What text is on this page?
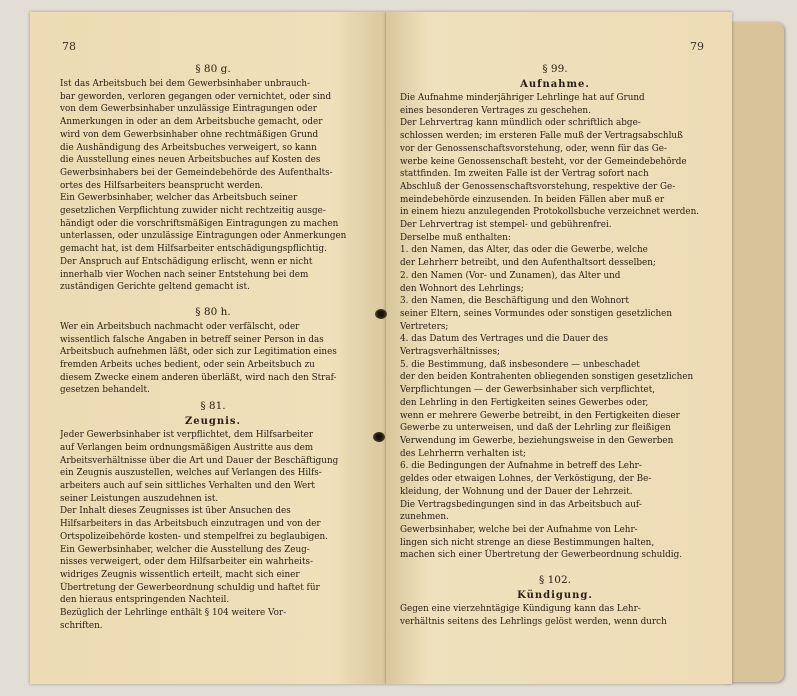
78
§ 80 g.
Ist das Arbeitsbuch bei dem Gewerbsinhaber unbrauch-
bar geworden, verloren gegangen oder vernichtet, oder sind
von dem Gewerbsinhaber unzulässige Eintragungen oder
Anmerkungen in oder an dem Arbeitsbuche gemacht, oder
wird von dem Gewerbsinhaber ohne rechtmäßigen Grund
die Aushändigung des Arbeitsbuches verweigert, so kann
die Ausstellung eines neuen Arbeitsbuches auf Kosten des
Gewerbsinhabers bei der Gemeindebehörde des Aufenthalts-
ortes des Hilfsarbeiters beansprucht werden.
Ein Gewerbsinhaber, welcher das Arbeitsbuch seiner
gesetzlichen Verpflichtung zuwider nicht rechtzeitig ausge-
händigt oder die vorschriftsmäßigen Eintragungen zu machen
unterlassen, oder unzulässige Eintragungen oder Anmerkungen
gemacht hat, ist dem Hilfsarbeiter entschädigungspflichtig.
Der Anspruch auf Entschädigung erlischt, wenn er nicht
innerhalb vier Wochen nach seiner Entstehung bei dem
zuständigen Gerichte geltend gemacht ist.
§ 80 h.
Wer ein Arbeitsbuch nachmacht oder verfälscht, oder
wissentlich falsche Angaben in betreff seiner Person in das
Arbeitsbuch aufnehmen läßt, oder sich zur Legitimation eines
fremden Arbeits uches bedient, oder sein Arbeitsbuch zu
diesem Zwecke einem anderen überläßt, wird nach den Straf-
gesetzen behandelt.
§ 81.
Zeugnis.
Jeder Gewerbsinhaber ist verpflichtet, dem Hilfsarbeiter
auf Verlangen beim ordnungsmäßigen Austritte aus dem
Arbeitsverhältnisse über die Art und Dauer der Beschäftigung
ein Zeugnis auszustellen, welches auf Verlangen des Hilfs-
arbeiters auch auf sein sittliches Verhalten und den Wert
seiner Leistungen auszudehnen ist.
Der Inhalt dieses Zeugnisses ist über Ansuchen des
Hilfsarbeiters in das Arbeitsbuch einzutragen und von der
Ortspolizeibehörde kosten- und stempelfrei zu beglaubigen.
Ein Gewerbsinhaber, welcher die Ausstellung des Zeug-
nisses verweigert, oder dem Hilfsarbeiter ein wahrheits-
widriges Zeugnis wissentlich erteilt, macht sich einer
Übertretung der Gewerbeordnung schuldig und haftet für
den hieraus entspringenden Nachteil.
Bezüglich der Lehrlinge enthält § 104 weitere Vor-
schriften.
79
§ 99.
Aufnahme.
Die Aufnahme minderjähriger Lehrlinge hat auf Grund
eines besonderen Vertrages zu geschehen.
Der Lehrvertrag kann mündlich oder schriftlich abge-
schlossen werden; im ersteren Falle muß der Vertragsabschluß
vor der Genossenschaftsvorstehung, oder, wenn für das Ge-
werbe keine Genossenschaft besteht, vor der Gemeindebehörde
stattfinden. Im zweiten Falle ist der Vertrag sofort nach
Abschluß der Genossenschaftsvorstehung, respektive der Ge-
meindebehörde einzusenden. In beiden Fällen aber muß er
in einem hiezu anzulegenden Protokollsbuche verzeichnet werden.
Der Lehrvertrag ist stempel- und gebührenfrei.
Derselbe muß enthalten:
1. den Namen, das Alter, das oder die Gewerbe, welche
der Lehrherr betreibt, und den Aufenthaltsort desselben;
2. den Namen (Vor- und Zunamen), das Alter und
den Wohnort des Lehrlings;
3. den Namen, die Beschäftigung und den Wohnort
seiner Eltern, seines Vormundes oder sonstigen gesetzlichen
Vertreters;
4. das Datum des Vertrages und die Dauer des
Vertragsverhältnisses;
5. die Bestimmung, daß insbesondere — unbeschadet
der den beiden Kontrahenten obliegenden sonstigen gesetzlichen
Verpflichtungen — der Gewerbsinhaber sich verpflichtet,
den Lehrling in den Fertigkeiten seines Gewerbes oder,
wenn er mehrere Gewerbe betreibt, in den Fertigkeiten dieser
Gewerbe zu unterweisen, und daß der Lehrling zur fleißigen
Verwendung im Gewerbe, beziehungsweise in den Gewerben
des Lehrherrn verhalten ist;
6. die Bedingungen der Aufnahme in betreff des Lehr-
geldes oder etwaigen Lohnes, der Verköstigung, der Be-
kleidung, der Wohnung und der Dauer der Lehrzeit.
Die Vertragsbedingungen sind in das Arbeitsbuch auf-
zunehmen.
Gewerbsinhaber, welche bei der Aufnahme von Lehr-
lingen sich nicht strenge an diese Bestimmungen halten,
machen sich einer Übertretung der Gewerbeordnung schuldig.
§ 102.
Kündigung.
Gegen eine vierzehntägige Kündigung kann das Lehr-
verhältnis seitens des Lehrlings gelöst werden, wenn durch
